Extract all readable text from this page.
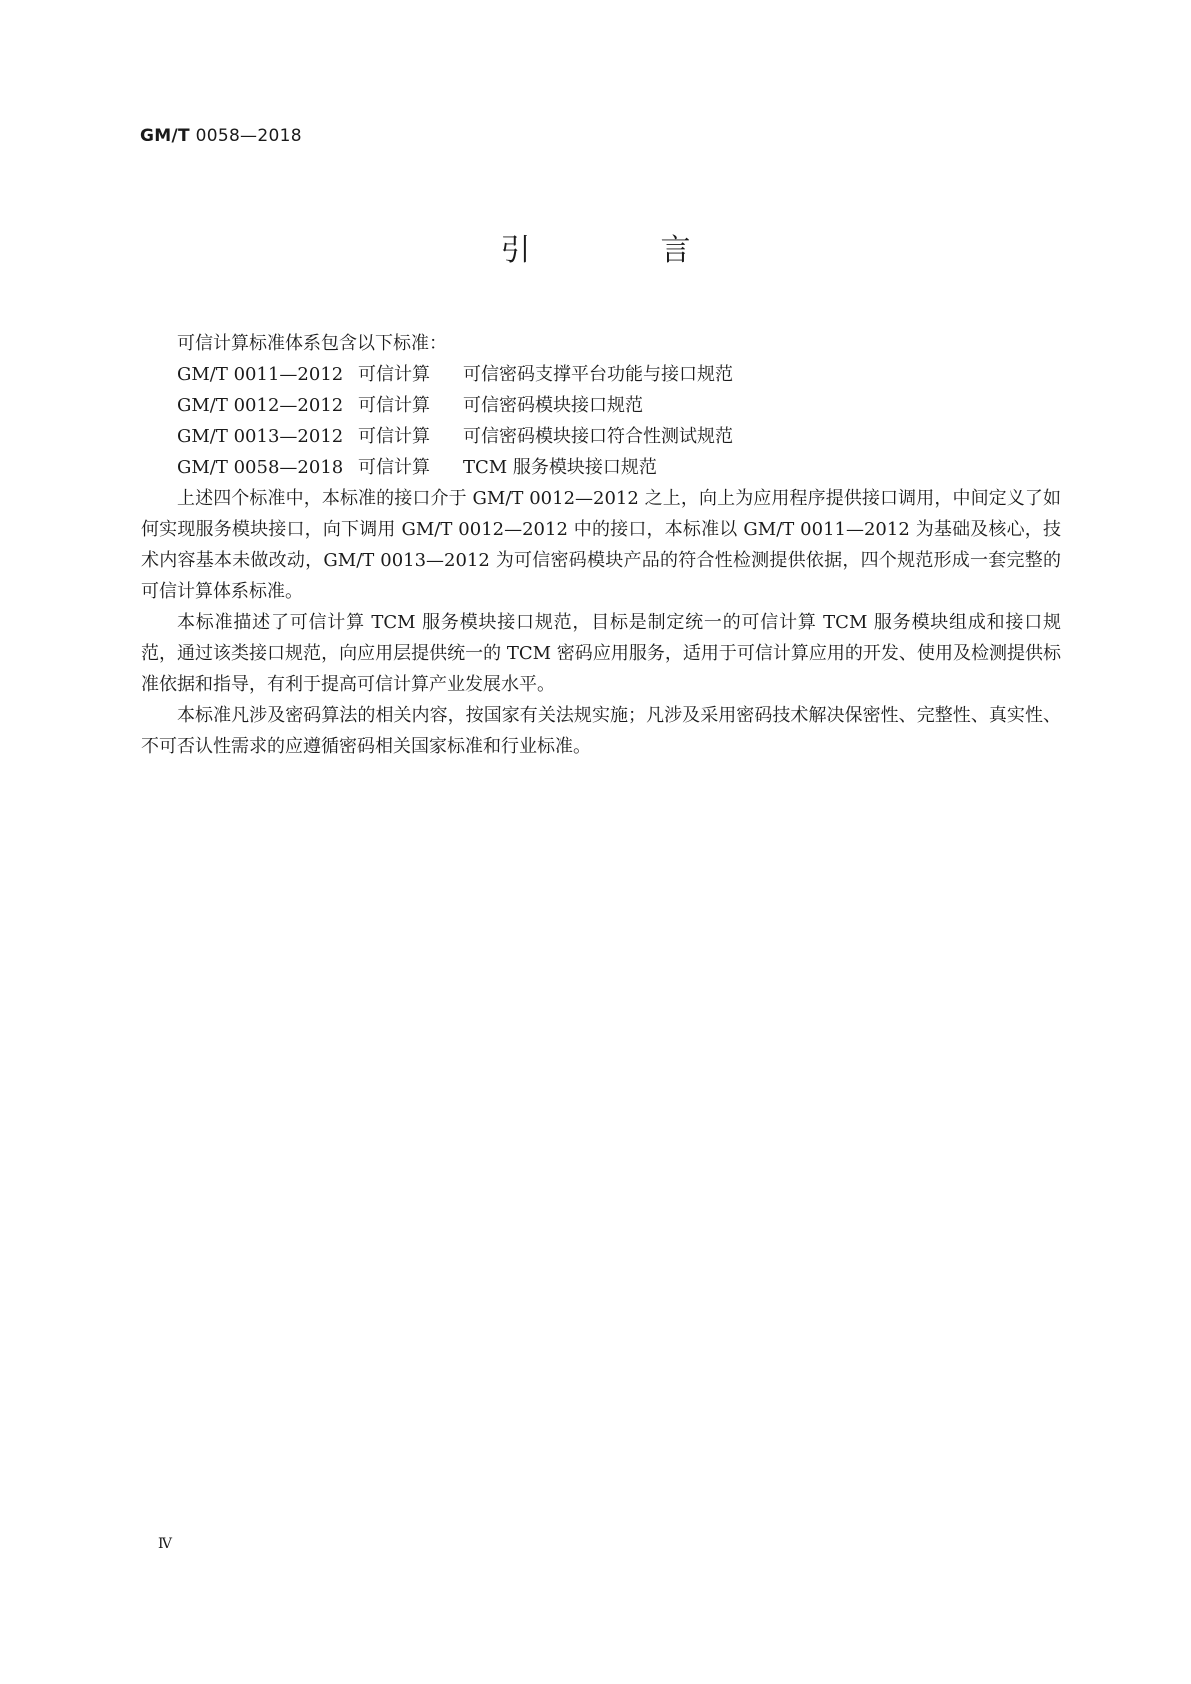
GM/T 0058—2018
引　言

可信计算标准体系包含以下标准：

GM/T 0011—2012 可信计算	可信密码支撑平台功能与接口规范
GM/T 0012—2012 可信计算	可信密码模块接口规范
GM/T 0013—2012 可信计算	可信密码模块接口符合性测试规范
GM/T 0058—2018 可信计算	TCM 服务模块接口规范

上述四个标准中，本标准的接口介于 GM/T 0012—2012 之上，向上为应用程序提供接口调用，中间定义了如何实现服务模块接口，向下调用 GM/T 0012—2012 中的接口，本标准以 GM/T 0011—2012 为基础及核心，技术内容基本未做改动，GM/T 0013—2012 为可信密码模块产品的符合性检测提供依据，四个规范形成一套完整的可信计算体系标准。

本标准描述了可信计算 TCM 服务模块接口规范，目标是制定统一的可信计算 TCM 服务模块组成和接口规范，通过该类接口规范，向应用层提供统一的 TCM 密码应用服务，适用于可信计算应用的开发、使用及检测提供标准依据和指导，有利于提高可信计算产业发展水平。

本标准凡涉及密码算法的相关内容，按国家有关法规实施；凡涉及采用密码技术解决保密性、完整性、真实性、不可否认性需求的应遵循密码相关国家标准和行业标准。

Ⅳ
